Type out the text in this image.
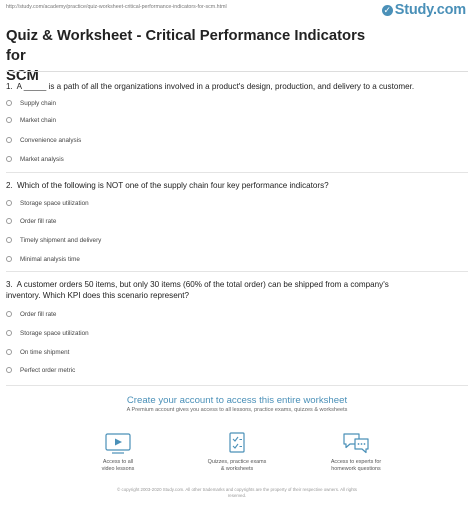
http://study.com/academy/practice/quiz-worksheet-critical-performance-indicators-for-scm.html	✓ Study.com
Quiz & Worksheet - Critical Performance Indicators for
SCM
1. A _____ is a path of all the organizations involved in a product's design, production, and delivery to a customer.
Supply chain
Market chain
Convenience analysis
Market analysis
2. Which of the following is NOT one of the supply chain four key performance indicators?
Storage space utilization
Order fill rate
Timely shipment and delivery
Minimal analysis time
3. A customer orders 50 items, but only 30 items (60% of the total order) can be shipped from a company's
inventory. Which KPI does this scenario represent?
Order fill rate
Storage space utilization
On time shipment
Perfect order metric
Create your account to access this entire worksheet
A Premium account gives you access to all lessons, practice exams, quizzes & worksheets
Access to all
video lessons
Quizzes, practice exams
& worksheets
Access to experts for
homework questions
© copyright 2003-2020 Study.com. All other trademarks and copyrights are the property of their respective owners. All rights
reserved.
